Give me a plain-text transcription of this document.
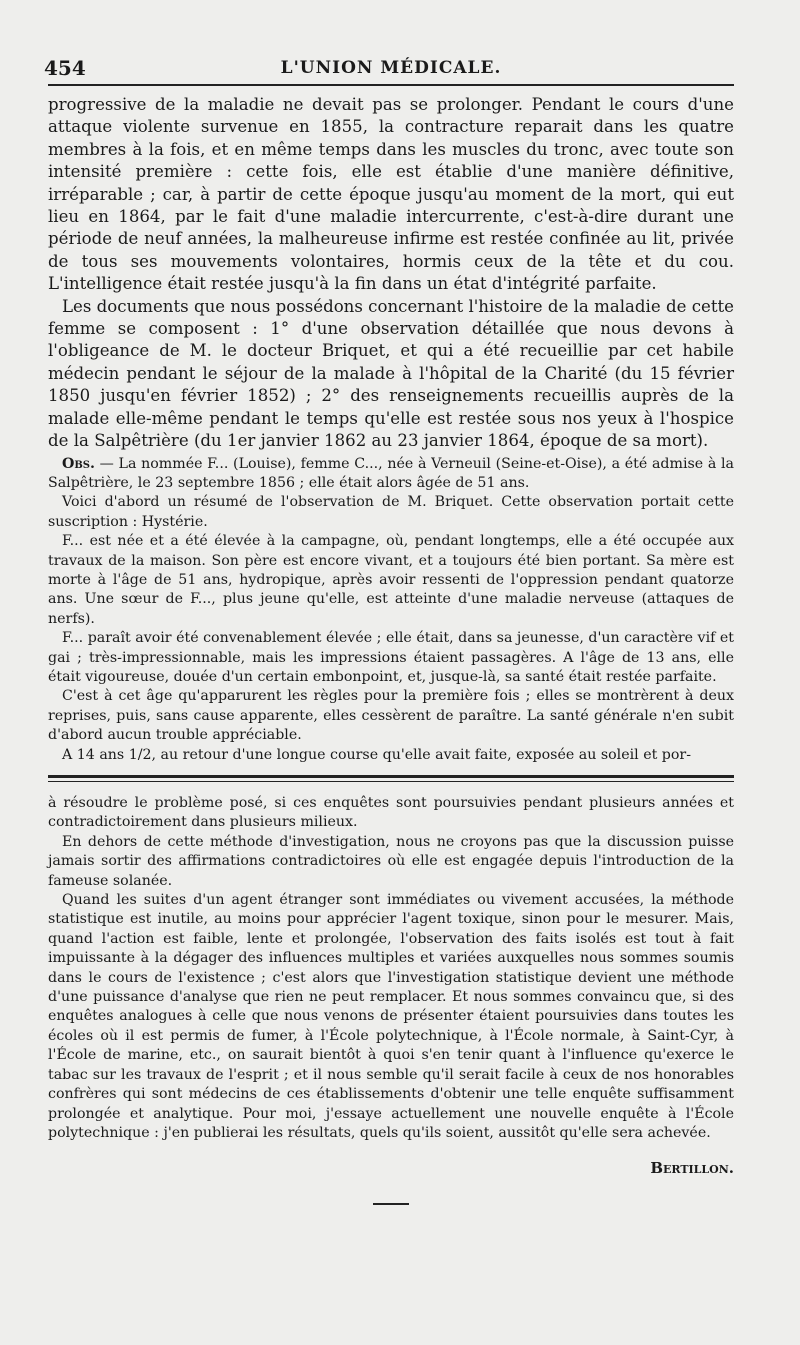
454	L'UNION MÉDICALE.

progressive de la maladie ne devait pas se prolonger. Pendant le cours d'une attaque violente survenue en 1855, la contracture reparait dans les quatre membres à la fois, et en même temps dans les muscles du tronc, avec toute son intensité première : cette fois, elle est établie d'une manière définitive, irréparable ; car, à partir de cette époque jusqu'au moment de la mort, qui eut lieu en 1864, par le fait d'une maladie intercurrente, c'est-à-dire durant une période de neuf années, la malheureuse infirme est restée confinée au lit, privée de tous ses mouvements volontaires, hormis ceux de la tête et du cou. L'intelligence était restée jusqu'à la fin dans un état d'intégrité parfaite.

Les documents que nous possédons concernant l'histoire de la maladie de cette femme se composent : 1° d'une observation détaillée que nous devons à l'obligeance de M. le docteur Briquet, et qui a été recueillie par cet habile médecin pendant le séjour de la malade à l'hôpital de la Charité (du 15 février 1850 jusqu'en février 1852) ; 2° des renseignements recueillis auprès de la malade elle-même pendant le temps qu'elle est restée sous nos yeux à l'hospice de la Salpêtrière (du 1er janvier 1862 au 23 janvier 1864, époque de sa mort).

Obs. — La nommée F... (Louise), femme C..., née à Verneuil (Seine-et-Oise), a été admise à la Salpêtrière, le 23 septembre 1856 ; elle était alors âgée de 51 ans.

Voici d'abord un résumé de l'observation de M. Briquet. Cette observation portait cette suscription : Hystérie.

F... est née et a été élevée à la campagne, où, pendant longtemps, elle a été occupée aux travaux de la maison. Son père est encore vivant, et a toujours été bien portant. Sa mère est morte à l'âge de 51 ans, hydropique, après avoir ressenti de l'oppression pendant quatorze ans. Une sœur de F..., plus jeune qu'elle, est atteinte d'une maladie nerveuse (attaques de nerfs).

F... paraît avoir été convenablement élevée ; elle était, dans sa jeunesse, d'un caractère vif et gai ; très-impressionnable, mais les impressions étaient passagères. A l'âge de 13 ans, elle était vigoureuse, douée d'un certain embonpoint, et, jusque-là, sa santé était restée parfaite.

C'est à cet âge qu'apparurent les règles pour la première fois ; elles se montrèrent à deux reprises, puis, sans cause apparente, elles cessèrent de paraître. La santé générale n'en subit d'abord aucun trouble appréciable.

A 14 ans 1/2, au retour d'une longue course qu'elle avait faite, exposée au soleil et por-

à résoudre le problème posé, si ces enquêtes sont poursuivies pendant plusieurs années et contradictoirement dans plusieurs milieux.

En dehors de cette méthode d'investigation, nous ne croyons pas que la discussion puisse jamais sortir des affirmations contradictoires où elle est engagée depuis l'introduction de la fameuse solanée.

Quand les suites d'un agent étranger sont immédiates ou vivement accusées, la méthode statistique est inutile, au moins pour apprécier l'agent toxique, sinon pour le mesurer. Mais, quand l'action est faible, lente et prolongée, l'observation des faits isolés est tout à fait impuissante à la dégager des influences multiples et variées auxquelles nous sommes soumis dans le cours de l'existence ; c'est alors que l'investigation statistique devient une méthode d'une puissance d'analyse que rien ne peut remplacer. Et nous sommes convaincu que, si des enquêtes analogues à celle que nous venons de présenter étaient poursuivies dans toutes les écoles où il est permis de fumer, à l'École polytechnique, à l'École normale, à Saint-Cyr, à l'École de marine, etc., on saurait bientôt à quoi s'en tenir quant à l'influence qu'exerce le tabac sur les travaux de l'esprit ; et il nous semble qu'il serait facile à ceux de nos honorables confrères qui sont médecins de ces établissements d'obtenir une telle enquête suffisamment prolongée et analytique. Pour moi, j'essaye actuellement une nouvelle enquête à l'École polytechnique : j'en publierai les résultats, quels qu'ils soient, aussitôt qu'elle sera achevée.

Bertillon.
